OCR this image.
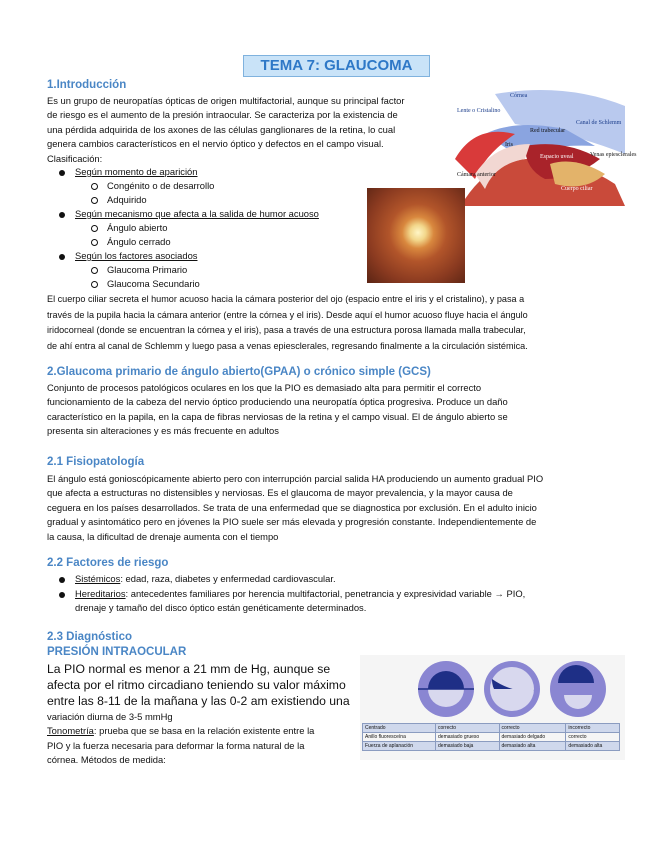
TEMA 7: GLAUCOMA
Córnea
Lente o Cristalino
Iris
Red trabecular
Canal de Schlemm
Venas epiesclerales
Espacio uveal
Cuerpo ciliar
Cámara anterior
1.Introducción
Es un grupo de neuropatías ópticas de origen multifactorial, aunque su principal factor
de riesgo es el aumento de la presión intraocular. Se caracteriza por la existencia de
una pérdida adquirida de los axones de las células ganglionares de la retina, lo cual
genera cambios característicos en el nervio óptico y defectos en el campo visual.
Clasificación:
Según momento de aparición
Congénito o de desarrollo
Adquirido
Según mecanismo que afecta a la salida de humor acuoso
Ángulo abierto
Ángulo cerrado
Según los factores asociados
Glaucoma Primario
Glaucoma Secundario
El cuerpo ciliar secreta el humor acuoso hacia la cámara posterior del ojo (espacio entre el iris y el cristalino), y pasa a
través de la pupila hacia la cámara anterior (entre la córnea y el iris). Desde aquí el humor acuoso fluye hacia el ángulo
iridocorneal (donde se encuentran la córnea y el iris), pasa a través de una estructura porosa llamada malla trabecular,
de ahí entra al canal de Schlemm y luego pasa a venas epiesclerales, regresando finalmente a la circulación sistémica.
2.Glaucoma primario de ángulo abierto(GPAA) o crónico simple (GCS)
Conjunto de procesos patológicos oculares en los que la PIO es demasiado alta para permitir el correcto
funcionamiento de la cabeza del nervio óptico produciendo una neuropatía óptica progresiva. Produce un daño
característico en la papila, en la capa de fibras nerviosas de la retina y el campo visual. El de ángulo abierto se
presenta sin alteraciones y es más frecuente en adultos
2.1 Fisiopatología
El ángulo está gonioscópicamente abierto pero con interrupción parcial salida HA produciendo un aumento gradual PIO
que afecta a estructuras no distensibles y nerviosas. Es el glaucoma de mayor prevalencia, y la mayor causa de
ceguera en los países desarrollados. Se trata de una enfermedad que se diagnostica por exclusión. En el adulto inicio
gradual y asintomático pero en jóvenes la PIO suele ser más elevada y progresión constante. Independientemente de
la causa, la dificultad de drenaje aumenta con el tiempo
2.2 Factores de riesgo
Sistémicos: edad, raza, diabetes y enfermedad cardiovascular.
Hereditarios: antecedentes familiares por herencia multifactorial, penetrancia y expresividad variable → PIO,
drenaje y tamaño del disco óptico están genéticamente determinados.
2.3 Diagnóstico
PRESIÓN INTRAOCULAR
La PIO normal es menor a 21 mm de Hg, aunque se
afecta por el ritmo circadiano teniendo su valor máximo
entre las 8-11 de la mañana y las 0-2 am existiendo una
variación diurna de 3-5 mmHg
Tonometría: prueba que se basa en la relación existente entre la
PIO y la fuerza necesaria para deformar la forma natural de la
córnea. Métodos de medida:
Centrado	correcto	correcto	incorrecto
Anillo fluoresceína	demasiado grueso	demasiado delgado	correcto
Fuerza de aplanación	demasiado baja	demasiado alta	demasiado alta
